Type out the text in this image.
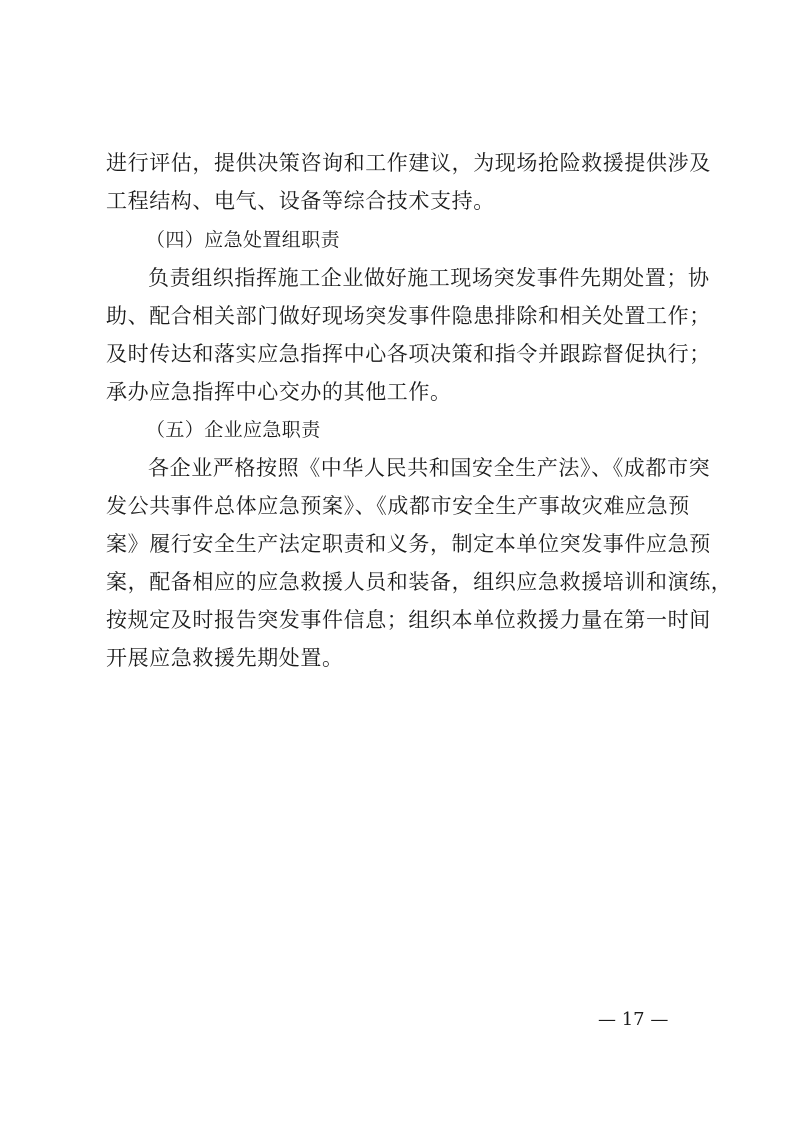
进行评估，提供决策咨询和工作建议，为现场抢险救援提供涉及
工程结构、电气、设备等综合技术支持。
（四）应急处置组职责
负责组织指挥施工企业做好施工现场突发事件先期处置；协
助、配合相关部门做好现场突发事件隐患排除和相关处置工作；
及时传达和落实应急指挥中心各项决策和指令并跟踪督促执行；
承办应急指挥中心交办的其他工作。
（五）企业应急职责
各企业严格按照《中华人民共和国安全生产法》、《成都市突
发公共事件总体应急预案》、《成都市安全生产事故灾难应急预
案》履行安全生产法定职责和义务，制定本单位突发事件应急预
案，配备相应的应急救援人员和装备，组织应急救援培训和演练，
按规定及时报告突发事件信息；组织本单位救援力量在第一时间
开展应急救援先期处置。
— 17 —
